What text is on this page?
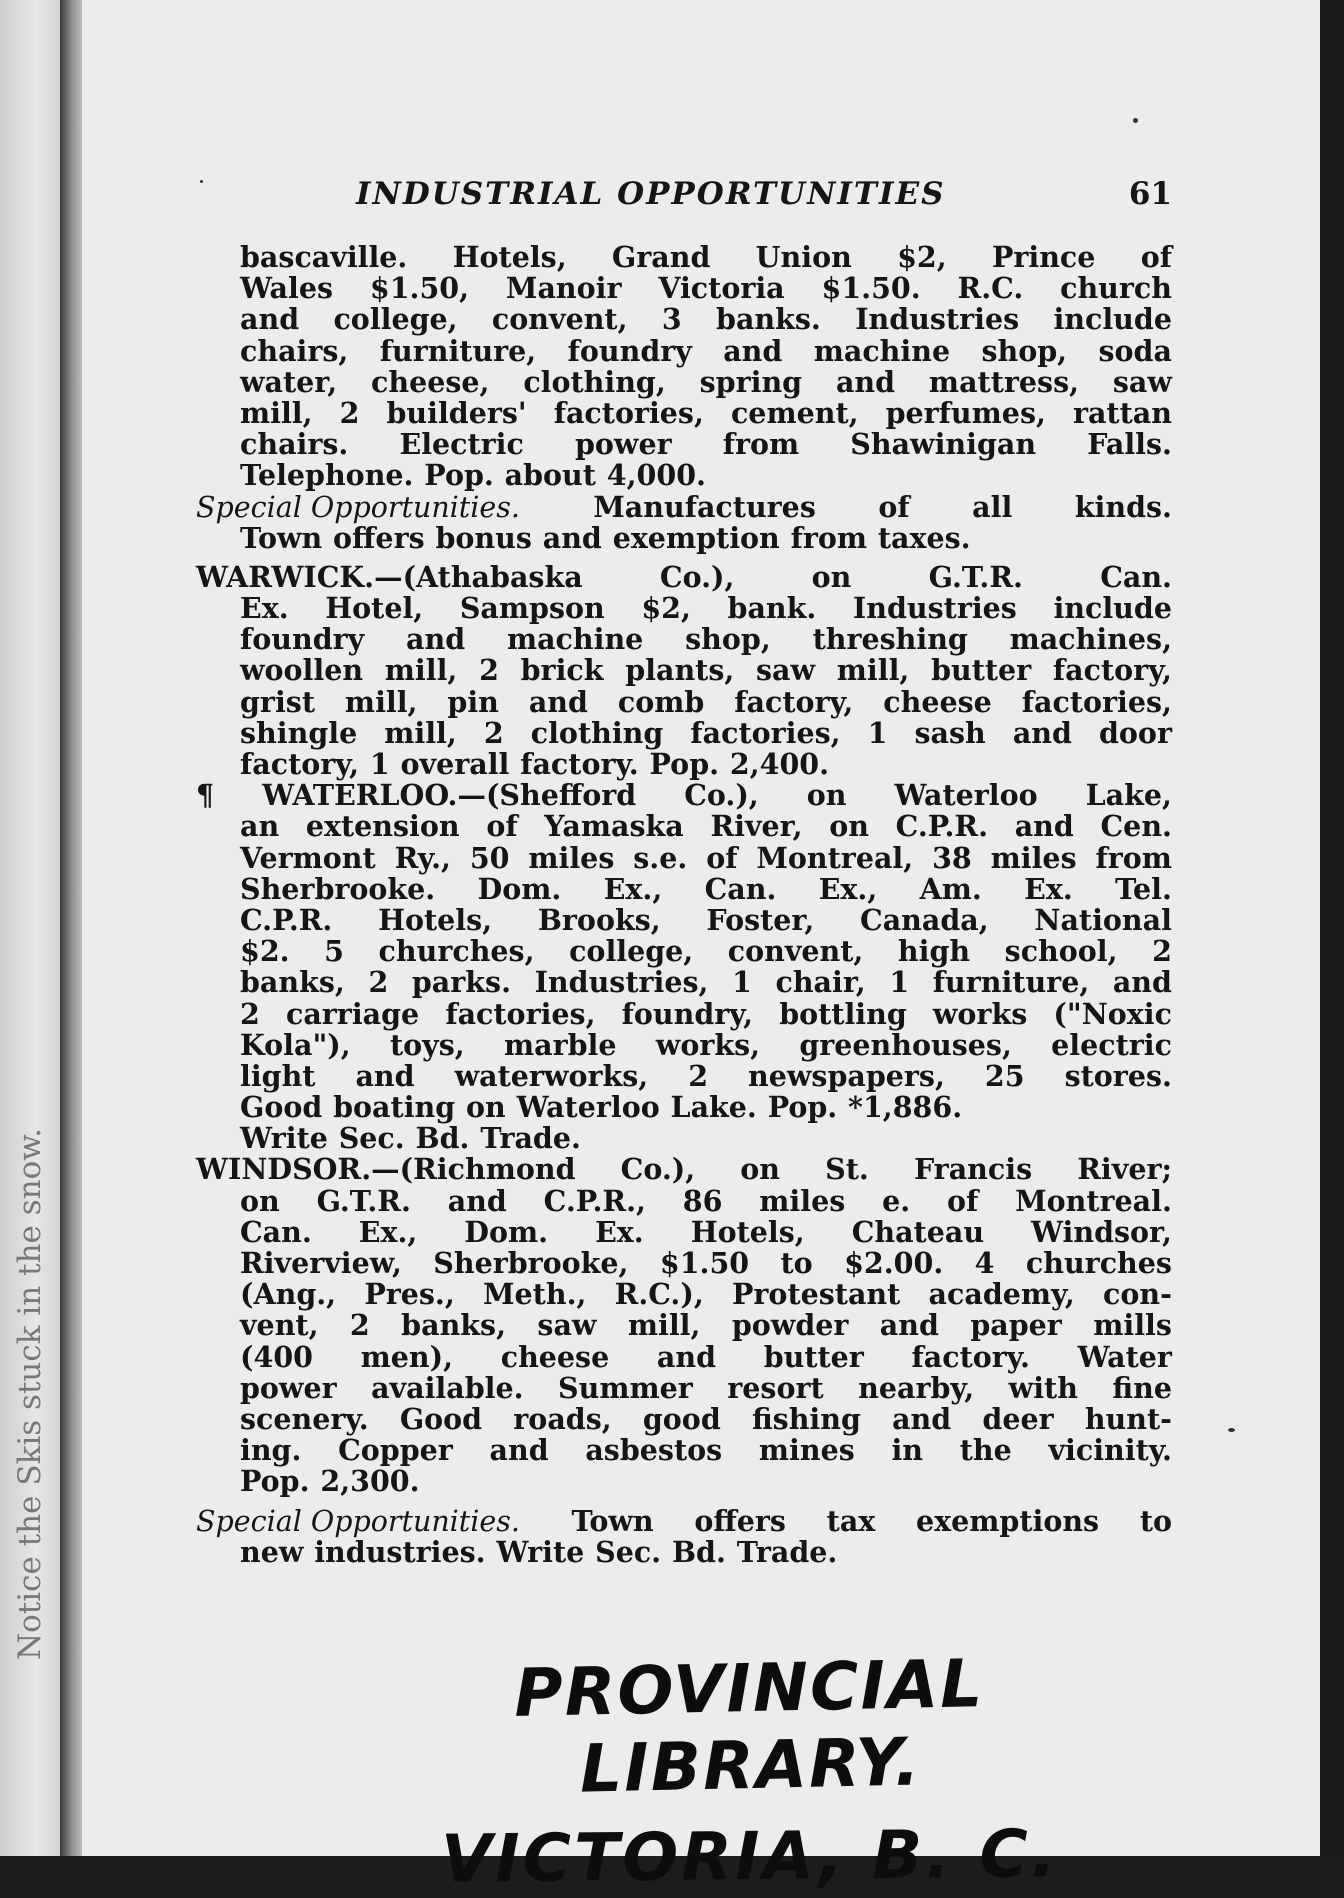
Notice the Skis stuck in the snow.
INDUSTRIAL OPPORTUNITIES	61
bascaville. Hotels, Grand Union $2, Prince of
Wales $1.50, Manoir Victoria $1.50. R.C. church
and college, convent, 3 banks. Industries include
chairs, furniture, foundry and machine shop, soda
water, cheese, clothing, spring and mattress, saw
mill, 2 builders' factories, cement, perfumes, rattan
chairs. Electric power from Shawinigan Falls.
Telephone. Pop. about 4,000.
Special Opportunities.	Manufactures of all kinds.
Town offers bonus and exemption from taxes.
WARWICK.—(Athabaska	Co.),	on	G.T.R.	Can.
Ex. Hotel, Sampson $2, bank. Industries include
foundry and machine shop, threshing machines,
woollen mill, 2 brick plants, saw mill, butter factory,
grist mill, pin and comb factory, cheese factories,
shingle mill, 2 clothing factories, 1 sash and door
factory, 1 overall factory. Pop. 2,400.
¶ WATERLOO.—(Shefford Co.), on Waterloo Lake,
an extension of Yamaska River, on C.P.R. and Cen.
Vermont Ry., 50 miles s.e. of Montreal, 38 miles from
Sherbrooke. Dom. Ex., Can. Ex., Am. Ex. Tel.
C.P.R. Hotels, Brooks, Foster, Canada, National
$2. 5 churches, college, convent, high school, 2
banks, 2 parks. Industries, 1 chair, 1 furniture, and
2 carriage factories, foundry, bottling works ("Noxic
Kola"), toys, marble works, greenhouses, electric
light and waterworks, 2 newspapers, 25 stores.
Good boating on Waterloo Lake. Pop. *1,886.
Write Sec. Bd. Trade.
WINDSOR.—(Richmond Co.), on St. Francis River;
on G.T.R. and C.P.R., 86 miles e. of Montreal.
Can. Ex., Dom. Ex. Hotels, Chateau Windsor,
Riverview, Sherbrooke, $1.50 to $2.00. 4 churches
(Ang., Pres., Meth., R.C.), Protestant academy, con-
vent, 2 banks, saw mill, powder and paper mills
(400 men), cheese and butter factory. Water
power available. Summer resort nearby, with fine
scenery. Good roads, good fishing and deer hunt-
ing. Copper and asbestos mines in the vicinity.
Pop. 2,300.
Special Opportunities. Town offers tax exemptions to
new industries. Write Sec. Bd. Trade.
PROVINCIAL LIBRARY.
VICTORIA, B. C.
